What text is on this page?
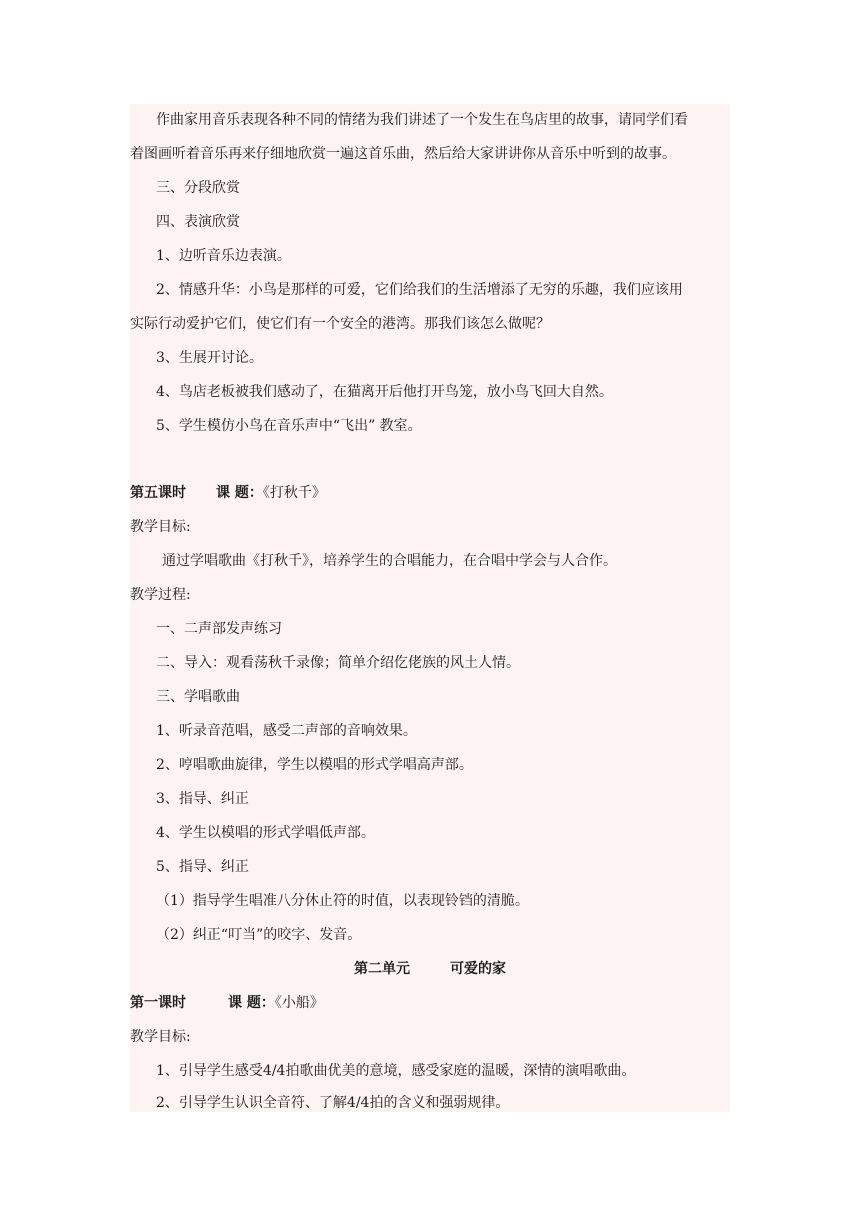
作曲家用音乐表现各种不同的情绪为我们讲述了一个发生在鸟店里的故事，请同学们看
着图画听着音乐再来仔细地欣赏一遍这首乐曲，然后给大家讲讲你从音乐中听到的故事。
三、分段欣赏
四、表演欣赏
1、边听音乐边表演。
2、情感升华：小鸟是那样的可爱，它们给我们的生活增添了无穷的乐趣，我们应该用
实际行动爱护它们，使它们有一个安全的港湾。那我们该怎么做呢？
3、生展开讨论。
4、鸟店老板被我们感动了，在猫离开后他打开鸟笼，放小鸟飞回大自然。
5、学生模仿小鸟在音乐声中“飞出” 教室。
第五课时 课 题：《打秋千》
教学目标:
通过学唱歌曲《打秋千》，培养学生的合唱能力，在合唱中学会与人合作。
教学过程:
一、二声部发声练习
二、导入：观看荡秋千录像；简单介绍仡佬族的风土人情。
三、学唱歌曲
1、听录音范唱，感受二声部的音响效果。
2、哼唱歌曲旋律，学生以模唱的形式学唱高声部。
3、指导、纠正
4、学生以模唱的形式学唱低声部。
5、指导、纠正
（1）指导学生唱准八分休止符的时值，以表现铃铛的清脆。
（2）纠正“叮当”的咬字、发音。
第二单元	可爱的家
第一课时	课 题：《小船》
教学目标:
1、引导学生感受4/4拍歌曲优美的意境，感受家庭的温暖，深情的演唱歌曲。
2、引导学生认识全音符、了解4/4拍的含义和强弱规律。
